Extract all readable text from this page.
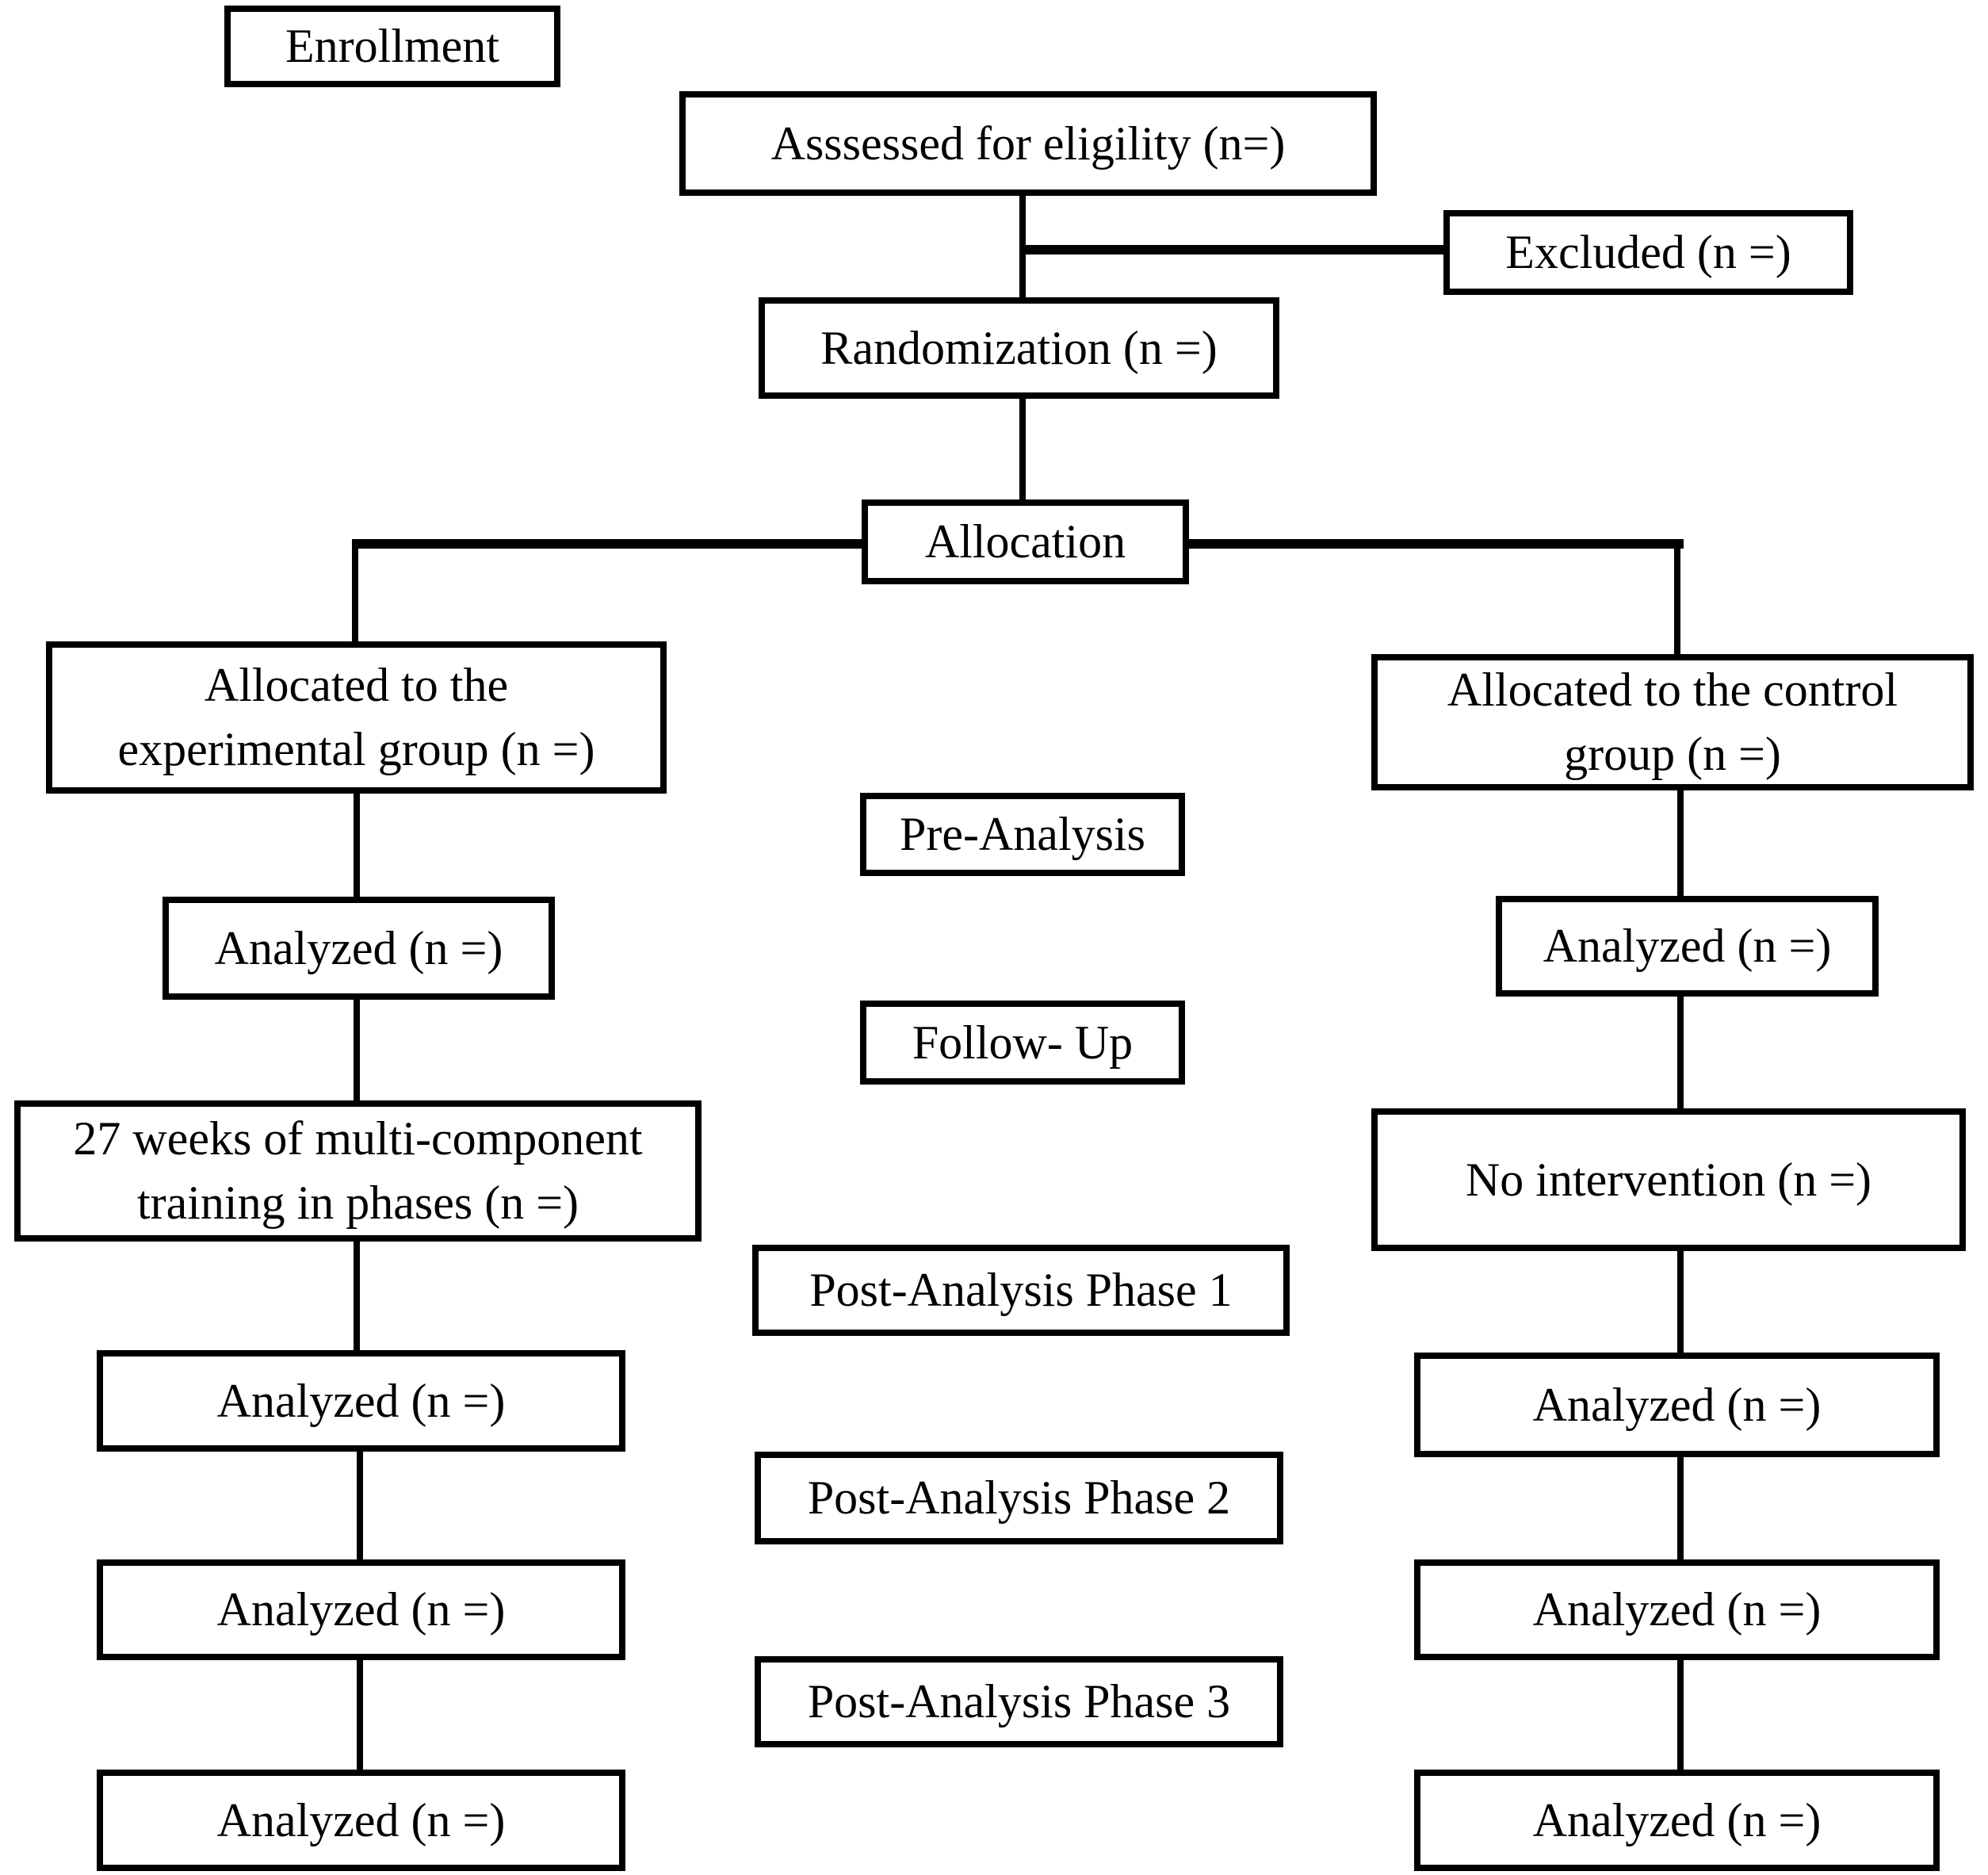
Enrollment
Asssessed for eligility (n=)
Excluded (n =)
Randomization (n =)
Allocation
Allocated to the
experimental group (n =)
Allocated to the control
group (n =)
Pre-Analysis
Analyzed (n =)	Analyzed (n =)
Follow- Up
27 weeks of multi-component
training in phases (n =)	No intervention (n =)
Post-Analysis Phase 1
Analyzed (n =)	Analyzed (n =)
Post-Analysis Phase 2
Analyzed (n =)	Analyzed (n =)
Post-Analysis Phase 3
Analyzed (n =)	Analyzed (n =)
